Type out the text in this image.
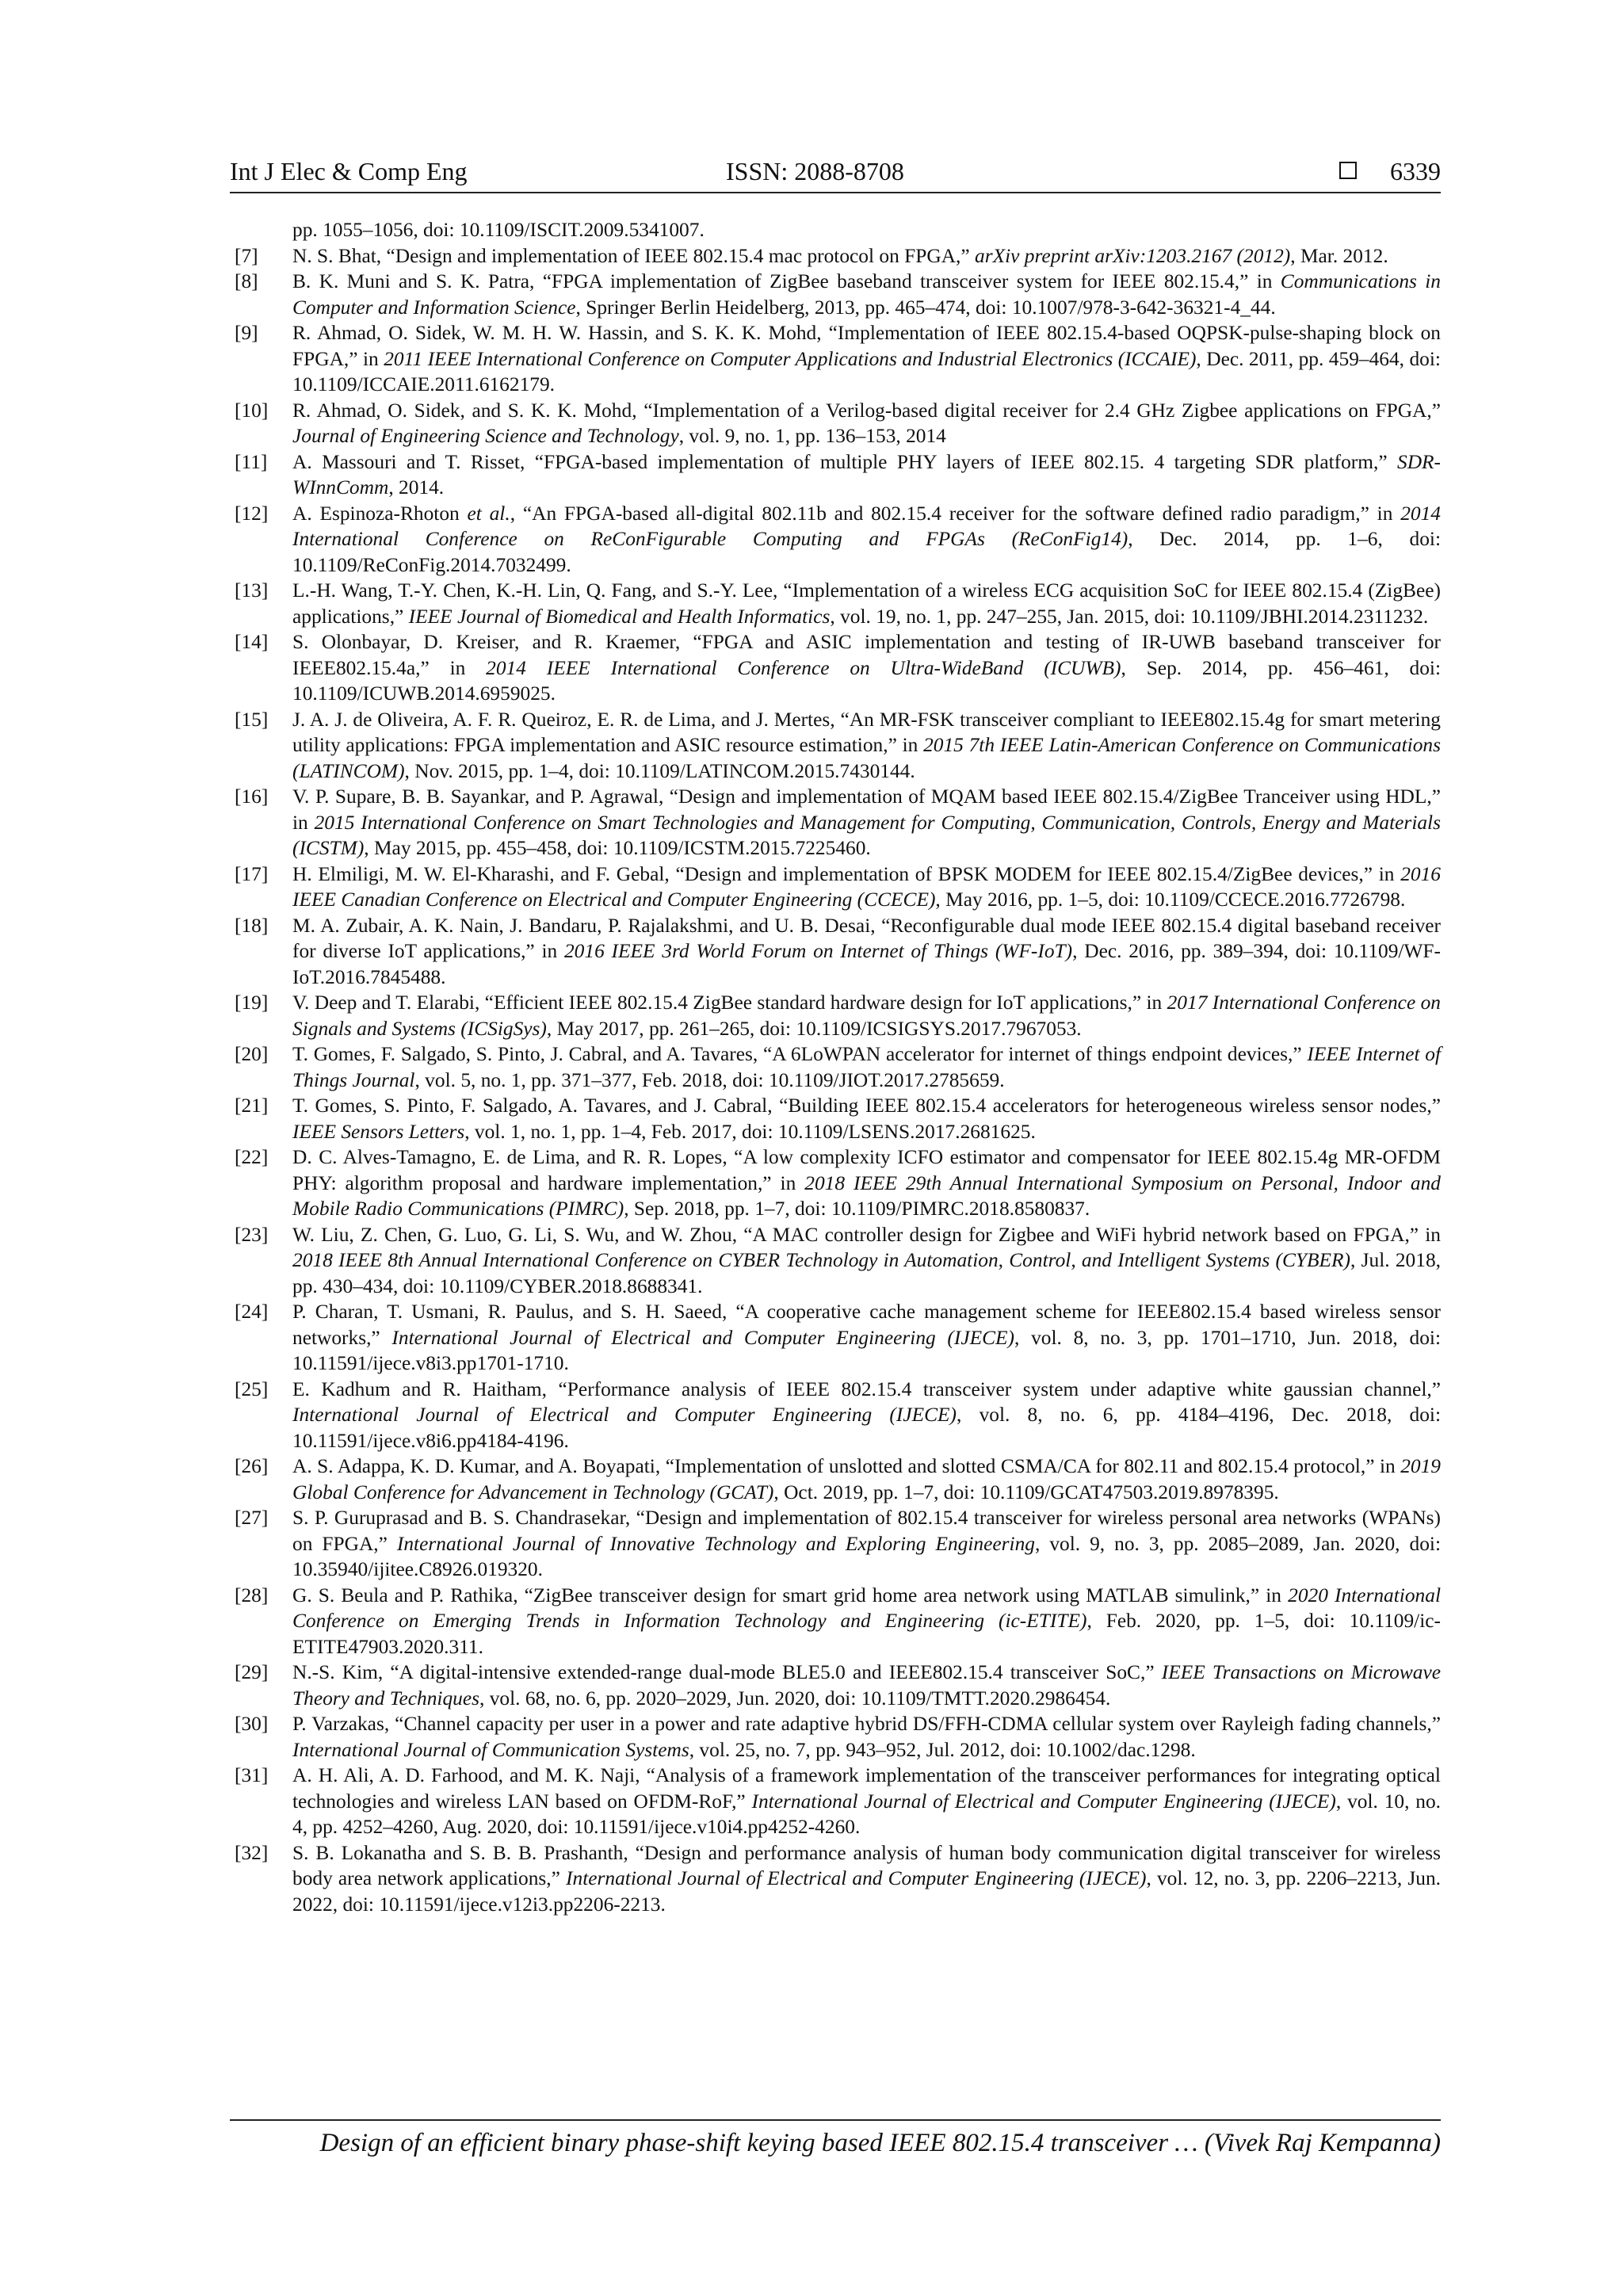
Int J Elec & Comp Eng	ISSN: 2088-8708	6339
pp. 1055–1056, doi: 10.1109/ISCIT.2009.5341007.
[7] N. S. Bhat, “Design and implementation of IEEE 802.15.4 mac protocol on FPGA,” arXiv preprint arXiv:1203.2167 (2012), Mar. 2012.
[8] B. K. Muni and S. K. Patra, “FPGA implementation of ZigBee baseband transceiver system for IEEE 802.15.4,” in Communications in Computer and Information Science, Springer Berlin Heidelberg, 2013, pp. 465–474, doi: 10.1007/978-3-642-36321-4_44.
[9] R. Ahmad, O. Sidek, W. M. H. W. Hassin, and S. K. K. Mohd, “Implementation of IEEE 802.15.4-based OQPSK-pulse-shaping block on FPGA,” in 2011 IEEE International Conference on Computer Applications and Industrial Electronics (ICCAIE), Dec. 2011, pp. 459–464, doi: 10.1109/ICCAIE.2011.6162179.
[10] R. Ahmad, O. Sidek, and S. K. K. Mohd, “Implementation of a Verilog-based digital receiver for 2.4 GHz Zigbee applications on FPGA,” Journal of Engineering Science and Technology, vol. 9, no. 1, pp. 136–153, 2014
[11] A. Massouri and T. Risset, “FPGA-based implementation of multiple PHY layers of IEEE 802.15. 4 targeting SDR platform,” SDR-WInnComm, 2014.
[12] A. Espinoza-Rhoton et al., “An FPGA-based all-digital 802.11b and 802.15.4 receiver for the software defined radio paradigm,” in 2014 International Conference on ReConFigurable Computing and FPGAs (ReConFig14), Dec. 2014, pp. 1–6, doi: 10.1109/ReConFig.2014.7032499.
[13] L.-H. Wang, T.-Y. Chen, K.-H. Lin, Q. Fang, and S.-Y. Lee, “Implementation of a wireless ECG acquisition SoC for IEEE 802.15.4 (ZigBee) applications,” IEEE Journal of Biomedical and Health Informatics, vol. 19, no. 1, pp. 247–255, Jan. 2015, doi: 10.1109/JBHI.2014.2311232.
[14] S. Olonbayar, D. Kreiser, and R. Kraemer, “FPGA and ASIC implementation and testing of IR-UWB baseband transceiver for IEEE802.15.4a,” in 2014 IEEE International Conference on Ultra-WideBand (ICUWB), Sep. 2014, pp. 456–461, doi: 10.1109/ICUWB.2014.6959025.
[15] J. A. J. de Oliveira, A. F. R. Queiroz, E. R. de Lima, and J. Mertes, “An MR-FSK transceiver compliant to IEEE802.15.4g for smart metering utility applications: FPGA implementation and ASIC resource estimation,” in 2015 7th IEEE Latin-American Conference on Communications (LATINCOM), Nov. 2015, pp. 1–4, doi: 10.1109/LATINCOM.2015.7430144.
[16] V. P. Supare, B. B. Sayankar, and P. Agrawal, “Design and implementation of MQAM based IEEE 802.15.4/ZigBee Tranceiver using HDL,” in 2015 International Conference on Smart Technologies and Management for Computing, Communication, Controls, Energy and Materials (ICSTM), May 2015, pp. 455–458, doi: 10.1109/ICSTM.2015.7225460.
[17] H. Elmiligi, M. W. El-Kharashi, and F. Gebal, “Design and implementation of BPSK MODEM for IEEE 802.15.4/ZigBee devices,” in 2016 IEEE Canadian Conference on Electrical and Computer Engineering (CCECE), May 2016, pp. 1–5, doi: 10.1109/CCECE.2016.7726798.
[18] M. A. Zubair, A. K. Nain, J. Bandaru, P. Rajalakshmi, and U. B. Desai, “Reconfigurable dual mode IEEE 802.15.4 digital baseband receiver for diverse IoT applications,” in 2016 IEEE 3rd World Forum on Internet of Things (WF-IoT), Dec. 2016, pp. 389–394, doi: 10.1109/WF-IoT.2016.7845488.
[19] V. Deep and T. Elarabi, “Efficient IEEE 802.15.4 ZigBee standard hardware design for IoT applications,” in 2017 International Conference on Signals and Systems (ICSigSys), May 2017, pp. 261–265, doi: 10.1109/ICSIGSYS.2017.7967053.
[20] T. Gomes, F. Salgado, S. Pinto, J. Cabral, and A. Tavares, “A 6LoWPAN accelerator for internet of things endpoint devices,” IEEE Internet of Things Journal, vol. 5, no. 1, pp. 371–377, Feb. 2018, doi: 10.1109/JIOT.2017.2785659.
[21] T. Gomes, S. Pinto, F. Salgado, A. Tavares, and J. Cabral, “Building IEEE 802.15.4 accelerators for heterogeneous wireless sensor nodes,” IEEE Sensors Letters, vol. 1, no. 1, pp. 1–4, Feb. 2017, doi: 10.1109/LSENS.2017.2681625.
[22] D. C. Alves-Tamagno, E. de Lima, and R. R. Lopes, “A low complexity ICFO estimator and compensator for IEEE 802.15.4g MR-OFDM PHY: algorithm proposal and hardware implementation,” in 2018 IEEE 29th Annual International Symposium on Personal, Indoor and Mobile Radio Communications (PIMRC), Sep. 2018, pp. 1–7, doi: 10.1109/PIMRC.2018.8580837.
[23] W. Liu, Z. Chen, G. Luo, G. Li, S. Wu, and W. Zhou, “A MAC controller design for Zigbee and WiFi hybrid network based on FPGA,” in 2018 IEEE 8th Annual International Conference on CYBER Technology in Automation, Control, and Intelligent Systems (CYBER), Jul. 2018, pp. 430–434, doi: 10.1109/CYBER.2018.8688341.
[24] P. Charan, T. Usmani, R. Paulus, and S. H. Saeed, “A cooperative cache management scheme for IEEE802.15.4 based wireless sensor networks,” International Journal of Electrical and Computer Engineering (IJECE), vol. 8, no. 3, pp. 1701–1710, Jun. 2018, doi: 10.11591/ijece.v8i3.pp1701-1710.
[25] E. Kadhum and R. Haitham, “Performance analysis of IEEE 802.15.4 transceiver system under adaptive white gaussian channel,” International Journal of Electrical and Computer Engineering (IJECE), vol. 8, no. 6, pp. 4184–4196, Dec. 2018, doi: 10.11591/ijece.v8i6.pp4184-4196.
[26] A. S. Adappa, K. D. Kumar, and A. Boyapati, “Implementation of unslotted and slotted CSMA/CA for 802.11 and 802.15.4 protocol,” in 2019 Global Conference for Advancement in Technology (GCAT), Oct. 2019, pp. 1–7, doi: 10.1109/GCAT47503.2019.8978395.
[27] S. P. Guruprasad and B. S. Chandrasekar, “Design and implementation of 802.15.4 transceiver for wireless personal area networks (WPANs) on FPGA,” International Journal of Innovative Technology and Exploring Engineering, vol. 9, no. 3, pp. 2085–2089, Jan. 2020, doi: 10.35940/ijitee.C8926.019320.
[28] G. S. Beula and P. Rathika, “ZigBee transceiver design for smart grid home area network using MATLAB simulink,” in 2020 International Conference on Emerging Trends in Information Technology and Engineering (ic-ETITE), Feb. 2020, pp. 1–5, doi: 10.1109/ic-ETITE47903.2020.311.
[29] N.-S. Kim, “A digital-intensive extended-range dual-mode BLE5.0 and IEEE802.15.4 transceiver SoC,” IEEE Transactions on Microwave Theory and Techniques, vol. 68, no. 6, pp. 2020–2029, Jun. 2020, doi: 10.1109/TMTT.2020.2986454.
[30] P. Varzakas, “Channel capacity per user in a power and rate adaptive hybrid DS/FFH-CDMA cellular system over Rayleigh fading channels,” International Journal of Communication Systems, vol. 25, no. 7, pp. 943–952, Jul. 2012, doi: 10.1002/dac.1298.
[31] A. H. Ali, A. D. Farhood, and M. K. Naji, “Analysis of a framework implementation of the transceiver performances for integrating optical technologies and wireless LAN based on OFDM-RoF,” International Journal of Electrical and Computer Engineering (IJECE), vol. 10, no. 4, pp. 4252–4260, Aug. 2020, doi: 10.11591/ijece.v10i4.pp4252-4260.
[32] S. B. Lokanatha and S. B. B. Prashanth, “Design and performance analysis of human body communication digital transceiver for wireless body area network applications,” International Journal of Electrical and Computer Engineering (IJECE), vol. 12, no. 3, pp. 2206–2213, Jun. 2022, doi: 10.11591/ijece.v12i3.pp2206-2213.
Design of an efficient binary phase-shift keying based IEEE 802.15.4 transceiver … (Vivek Raj Kempanna)
